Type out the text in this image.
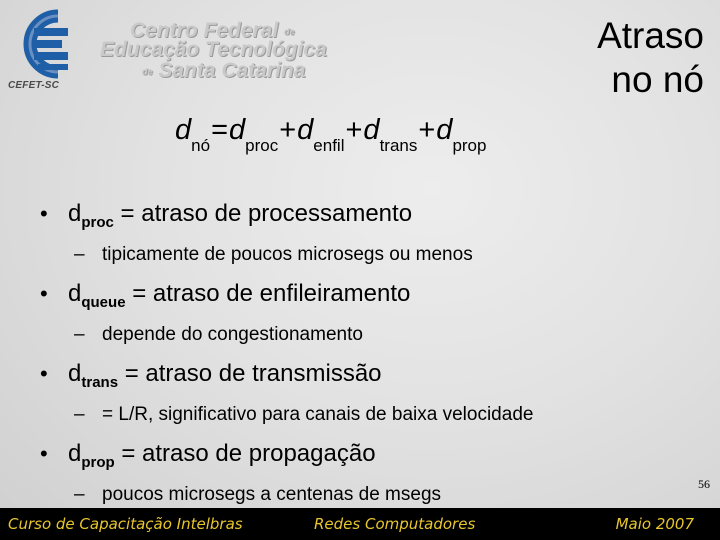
CEFET-SC
Centro Federal de
Educação Tecnológica
de Santa Catarina
Atraso
no nó
$d_{nó}=d_{proc}+d_{enfil}+d_{trans}+d_{prop}$
• $d_{proc}$ = atraso de processamento
– tipicamente de poucos microsegs ou menos
• $d_{queue}$ = atraso de enfileiramento
– depende do congestionamento
• $d_{trans}$ = atraso de transmissão
– = L/R, significativo para canais de baixa velocidade
• $d_{prop}$ = atraso de propagação
– poucos microsegs a centenas de msegs	56
Curso de Capacitação Intelbras	Redes Computadores	Maio 2007
